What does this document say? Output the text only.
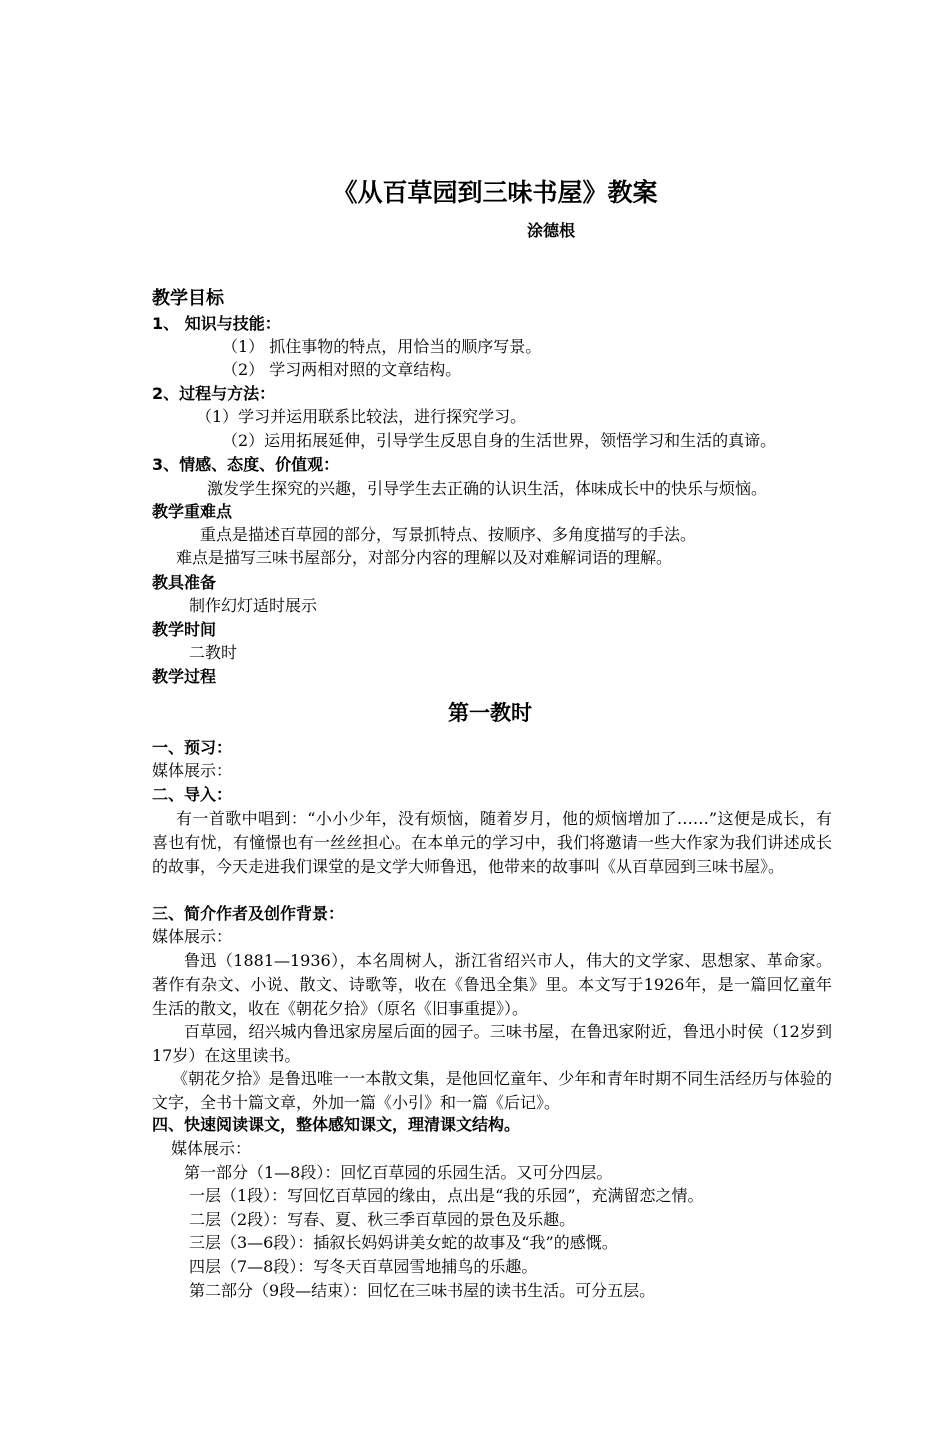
《从百草园到三味书屋》教案
涂德根
教学目标
1、 知识与技能：
（1） 抓住事物的特点，用恰当的顺序写景。
（2） 学习两相对照的文章结构。
2、过程与方法：
（1）学习并运用联系比较法，进行探究学习。
（2）运用拓展延伸，引导学生反思自身的生活世界，领悟学习和生活的真谛。
3、情感、态度、价值观：
激发学生探究的兴趣，引导学生去正确的认识生活，体味成长中的快乐与烦恼。
教学重难点
重点是描述百草园的部分，写景抓特点、按顺序、多角度描写的手法。
难点是描写三味书屋部分，对部分内容的理解以及对难解词语的理解。
教具准备
制作幻灯适时展示
教学时间
二教时
教学过程
第一教时
一、预习：
媒体展示：
二、导入：
有一首歌中唱到：“小小少年，没有烦恼，随着岁月，他的烦恼增加了……”这便是成长，有喜也有忧，有憧憬也有一丝丝担心。在本单元的学习中，我们将邀请一些大作家为我们讲述成长的故事，今天走进我们课堂的是文学大师鲁迅，他带来的故事叫《从百草园到三味书屋》。
三、简介作者及创作背景：
媒体展示：
鲁迅（1881—1936），本名周树人，浙江省绍兴市人，伟大的文学家、思想家、革命家。著作有杂文、小说、散文、诗歌等，收在《鲁迅全集》里。本文写于1926年，是一篇回忆童年生活的散文，收在《朝花夕拾》（原名《旧事重提》）。
百草园，绍兴城内鲁迅家房屋后面的园子。三味书屋，在鲁迅家附近，鲁迅小时侯（12岁到17岁）在这里读书。
《朝花夕拾》是鲁迅唯一一本散文集，是他回忆童年、少年和青年时期不同生活经历与体验的文字，全书十篇文章，外加一篇《小引》和一篇《后记》。
四、快速阅读课文，整体感知课文，理清课文结构。
媒体展示：
第一部分（1—8段）：回忆百草园的乐园生活。又可分四层。
一层（1段）：写回忆百草园的缘由，点出是“我的乐园”，充满留恋之情。
二层（2段）：写春、夏、秋三季百草园的景色及乐趣。
三层（3—6段）：插叙长妈妈讲美女蛇的故事及“我”的感慨。
四层（7—8段）：写冬天百草园雪地捕鸟的乐趣。
第二部分（9段—结束）：回忆在三味书屋的读书生活。可分五层。
